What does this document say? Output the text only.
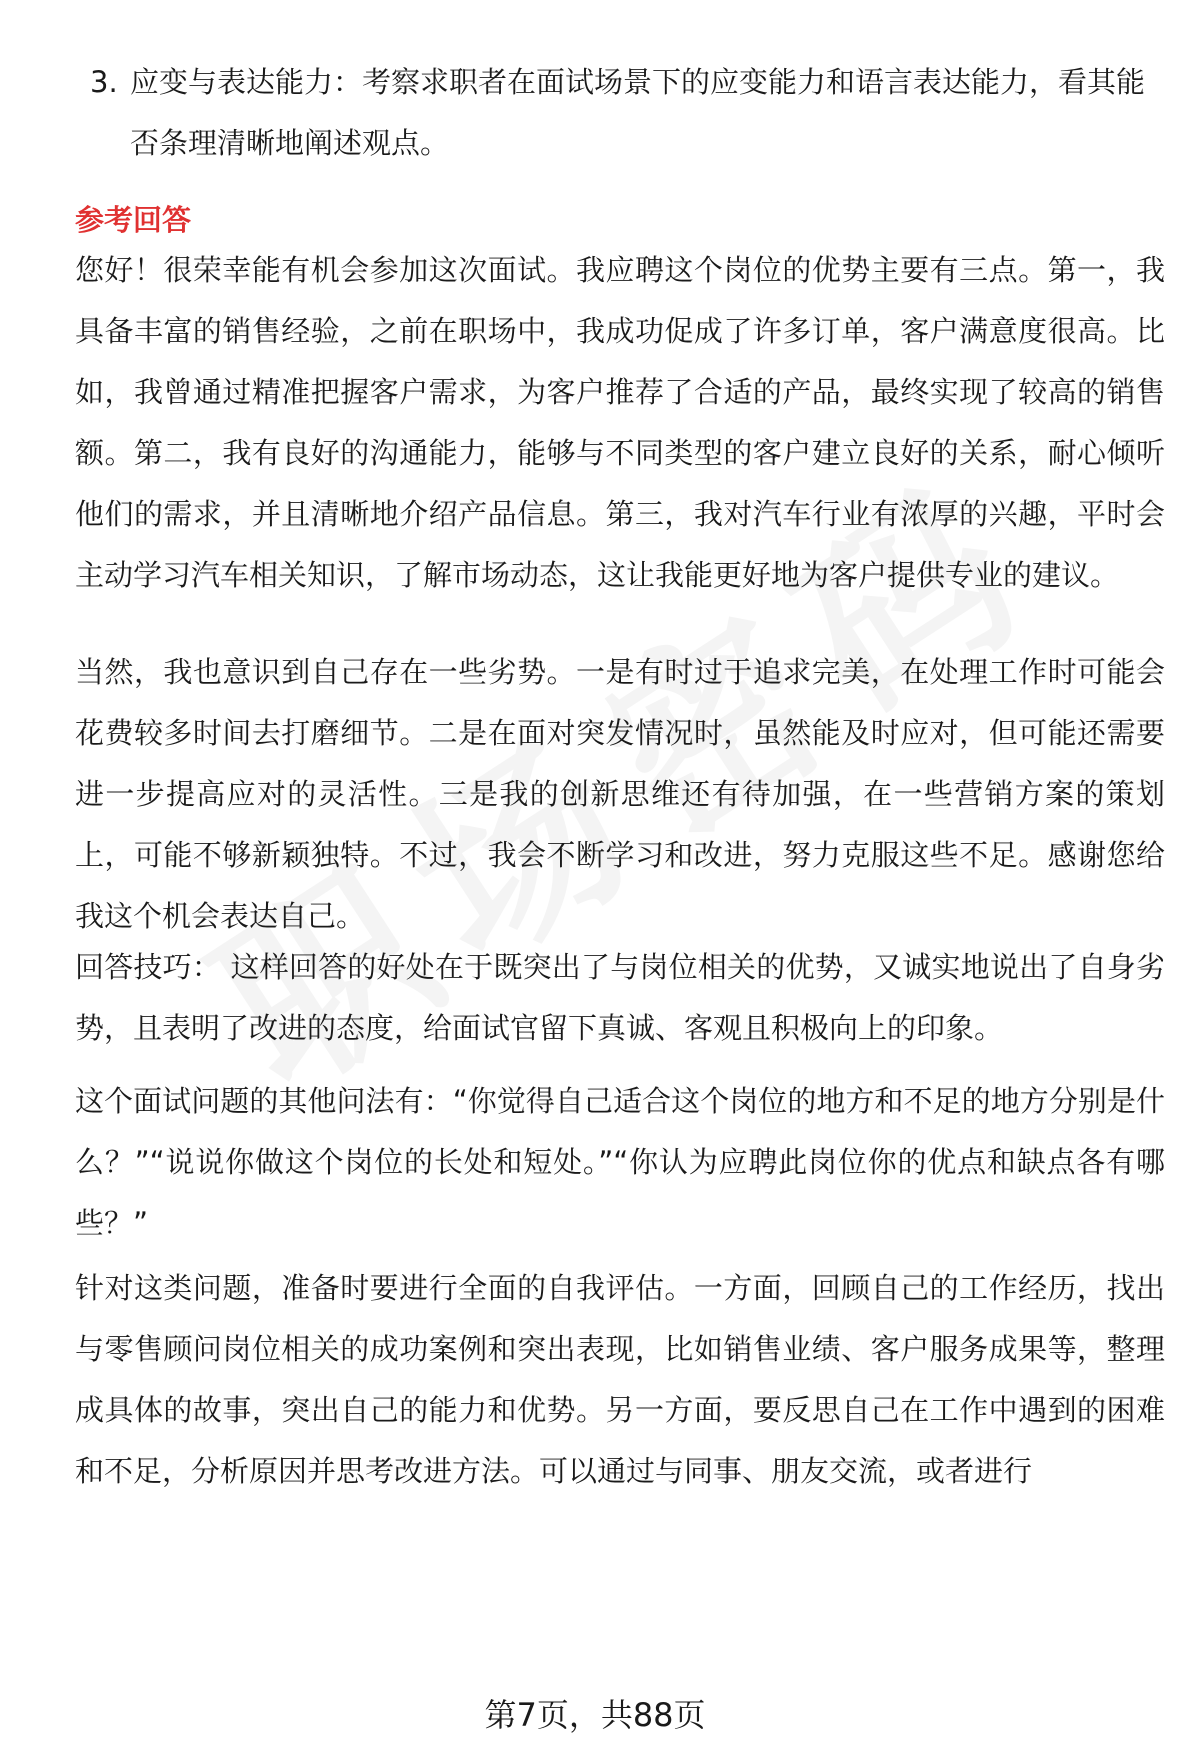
3. 应变与表达能力：考察求职者在面试场景下的应变能力和语言表达能力，看其能否条理清晰地阐述观点。
参考回答
您好！很荣幸能有机会参加这次面试。我应聘这个岗位的优势主要有三点。第一，我具备丰富的销售经验，之前在职场中，我成功促成了许多订单，客户满意度很高。比如，我曾通过精准把握客户需求，为客户推荐了合适的产品，最终实现了较高的销售额。第二，我有良好的沟通能力，能够与不同类型的客户建立良好的关系，耐心倾听他们的需求，并且清晰地介绍产品信息。第三，我对汽车行业有浓厚的兴趣，平时会主动学习汽车相关知识，了解市场动态，这让我能更好地为客户提供专业的建议。
当然，我也意识到自己存在一些劣势。一是有时过于追求完美，在处理工作时可能会花费较多时间去打磨细节。二是在面对突发情况时，虽然能及时应对，但可能还需要进一步提高应对的灵活性。三是我的创新思维还有待加强，在一些营销方案的策划上，可能不够新颖独特。不过，我会不断学习和改进，努力克服这些不足。感谢您给我这个机会表达自己。
回答技巧： 这样回答的好处在于既突出了与岗位相关的优势，又诚实地说出了自身劣势，且表明了改进的态度，给面试官留下真诚、客观且积极向上的印象。
这个面试问题的其他问法有：“你觉得自己适合这个岗位的地方和不足的地方分别是什么？”“说说你做这个岗位的长处和短处。”“你认为应聘此岗位你的优点和缺点各有哪些？”
针对这类问题，准备时要进行全面的自我评估。一方面，回顾自己的工作经历，找出与零售顾问岗位相关的成功案例和突出表现，比如销售业绩、客户服务成果等，整理成具体的故事，突出自己的能力和优势。另一方面，要反思自己在工作中遇到的困难和不足，分析原因并思考改进方法。可以通过与同事、朋友交流，或者进行
第7页，共88页
